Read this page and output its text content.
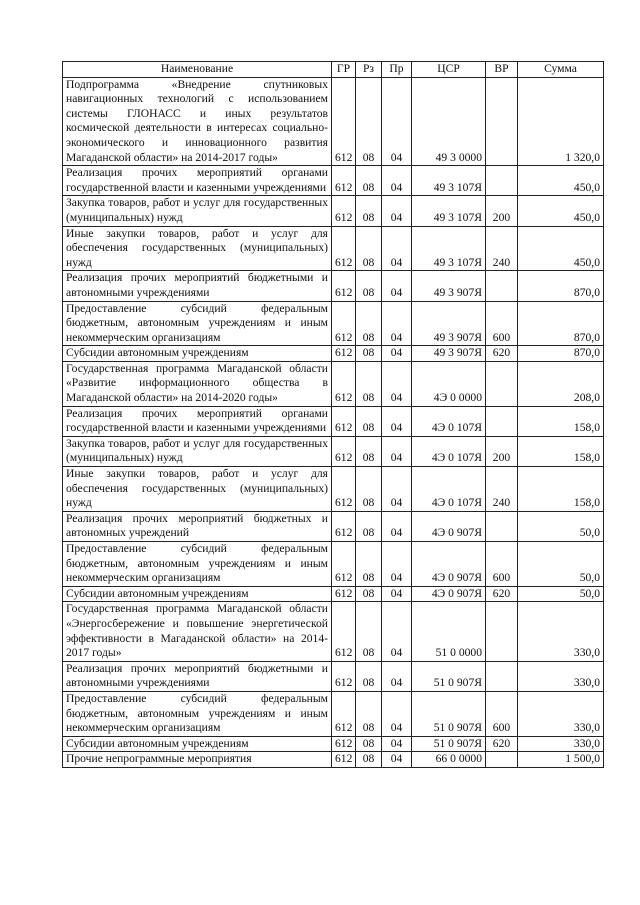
Наименование	ГР	Рз	Пр	ЦСР	ВР	Сумма
Подпрограмма «Внедрение спутниковых навигационных технологий с использованием системы ГЛОНАСС и иных результатов космической деятельности в интересах социально-экономического и инновационного развития Магаданской области» на 2014-2017 годы»	612	08	04	49 3 0000		1 320,0
Реализация прочих мероприятий органами государственной власти и казенными учреждениями	612	08	04	49 3 107Я		450,0
Закупка товаров, работ и услуг для государственных (муниципальных) нужд	612	08	04	49 3 107Я	200	450,0
Иные закупки товаров, работ и услуг для обеспечения государственных (муниципальных) нужд	612	08	04	49 3 107Я	240	450,0
Реализация прочих мероприятий бюджетными и автономными учреждениями	612	08	04	49 3 907Я		870,0
Предоставление субсидий федеральным бюджетным, автономным учреждениям и иным некоммерческим организациям	612	08	04	49 3 907Я	600	870,0
Субсидии автономным учреждениям	612	08	04	49 3 907Я	620	870,0
Государственная программа Магаданской области «Развитие информационного общества в Магаданской области» на 2014-2020 годы»	612	08	04	4Э 0 0000		208,0
Реализация прочих мероприятий органами государственной власти и казенными учреждениями	612	08	04	4Э 0 107Я		158,0
Закупка товаров, работ и услуг для государственных (муниципальных) нужд	612	08	04	4Э 0 107Я	200	158,0
Иные закупки товаров, работ и услуг для обеспечения государственных (муниципальных) нужд	612	08	04	4Э 0 107Я	240	158,0
Реализация прочих мероприятий бюджетных и автономных учреждений	612	08	04	4Э 0 907Я		50,0
Предоставление субсидий федеральным бюджетным, автономным учреждениям и иным некоммерческим организациям	612	08	04	4Э 0 907Я	600	50,0
Субсидии автономным учреждениям	612	08	04	4Э 0 907Я	620	50,0
Государственная программа Магаданской области «Энергосбережение и повышение энергетической эффективности в Магаданской области» на 2014-2017 годы»	612	08	04	51 0 0000		330,0
Реализация прочих мероприятий бюджетными и автономными учреждениями	612	08	04	51 0 907Я		330,0
Предоставление субсидий федеральным бюджетным, автономным учреждениям и иным некоммерческим организациям	612	08	04	51 0 907Я	600	330,0
Субсидии автономным учреждениям	612	08	04	51 0 907Я	620	330,0
Прочие непрограммные мероприятия	612	08	04	66 0 0000		1 500,0
